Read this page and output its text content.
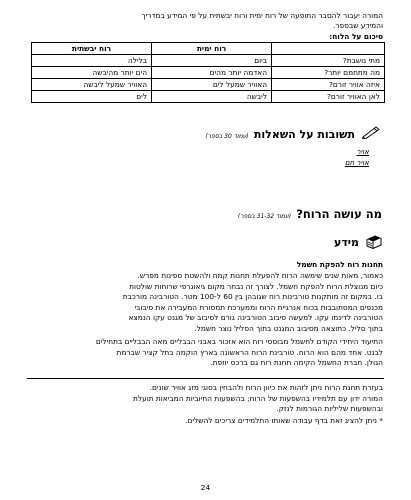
המורה יעבור להסבר התופעה של רוח ימית ורוח יבשתית על פי המידע במדריך
והמידע שבספר.
סיכום על הלוח:
	רוח ימית	רוח יבשתית
מתי נושבת?	ביום	בלילה
מה מתחמם יותר?	האדמה יותר מהים	הים יותר מהיבשה
איזה אוויר זורם?	האוויר שמעל לים	האוויר שמעל ליבשה
לאן האוויר זורם?	ליבשה	לים
תשובות על השאלות (עמוד 30 בספר)
אויר
אויר חם
מה עושה הרוח? (עמוד 31-32 בספר)
מידע
תחנות רוח להפקת חשמל
כאמור, מאות שנים שימשה הרוח להפעלת תחנות קמח ולהשטת ספינות מפרש.
כיום מנוצלת הרוח להפקת חשמל. לצורך זה נבחר מקום גיאוגרפי שרוחות שולטות
בו. במקום זה מותקנות טורבינות רוח שגובהן בין 60 ל-100 מטר. הטורבינה מורכבת
מכנפים המסתובבות בכוח אנרגיית הרוח וממערכת תמסורת המעבירה את סיבובי
הטורבינה לדינמו עקו. למעשה סיבוב הטורבינה גורם לסיבוב של מגנט עקו הנמצא
בתוך סליל. כתוצאה מסיבוב המגנט בתוך הסליל נוצר חשמל.
התיעוד היחידי הקודם לחשמל מבוססי רוח הוא אזכור באבני הבבליים מאה הבבליים בתחילים
לבנט. אחד מהם הוא הרוח. טורבינת הרוח הראשונה בארץ הוקמה בתל קציר שברמת
הגולן. חברת החשמל הקימה תחנת רוח גם ברכס יוזפת.
בעזרת תחנת הרוח ניתן לזהות את כיוון הרוח ולהבחין בסוגי מזג אוויר שונים.
המורה ידון עם תלמידיו בהשפעות של הרוח; בהשפעות החיוביות המביאות תועלת
ובהשפעות שליליות הגורמות לנזק.
* ניתן להציג זאת בדף עבודה שאותו התלמידים צריכים להשלים.
24
